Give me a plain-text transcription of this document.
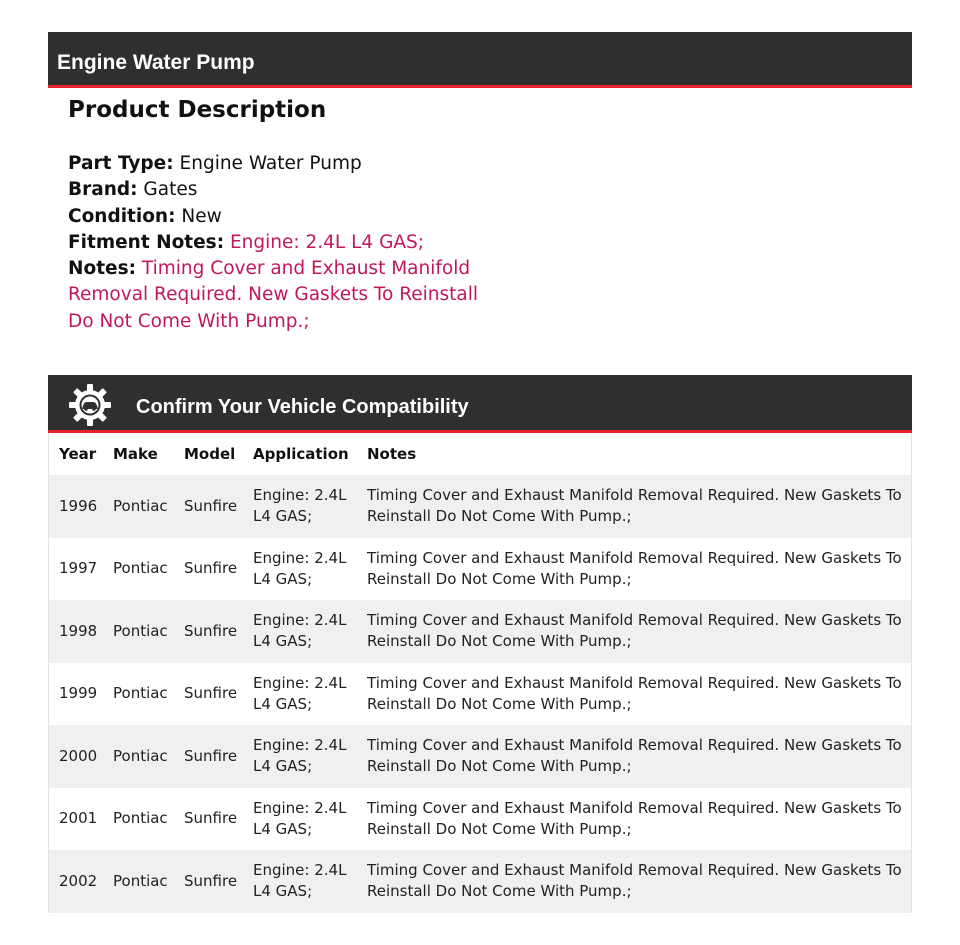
Engine Water Pump
Product Description
Part Type: Engine Water Pump
Brand: Gates
Condition: New
Fitment Notes: Engine: 2.4L L4 GAS;
Notes: Timing Cover and Exhaust Manifold Removal Required. New Gaskets To Reinstall Do Not Come With Pump.;
Confirm Your Vehicle Compatibility
Year	Make	Model	Application	Notes
1996	Pontiac	Sunfire	Engine: 2.4L L4 GAS;	Timing Cover and Exhaust Manifold Removal Required. New Gaskets To Reinstall Do Not Come With Pump.;
1997	Pontiac	Sunfire	Engine: 2.4L L4 GAS;	Timing Cover and Exhaust Manifold Removal Required. New Gaskets To Reinstall Do Not Come With Pump.;
1998	Pontiac	Sunfire	Engine: 2.4L L4 GAS;	Timing Cover and Exhaust Manifold Removal Required. New Gaskets To Reinstall Do Not Come With Pump.;
1999	Pontiac	Sunfire	Engine: 2.4L L4 GAS;	Timing Cover and Exhaust Manifold Removal Required. New Gaskets To Reinstall Do Not Come With Pump.;
2000	Pontiac	Sunfire	Engine: 2.4L L4 GAS;	Timing Cover and Exhaust Manifold Removal Required. New Gaskets To Reinstall Do Not Come With Pump.;
2001	Pontiac	Sunfire	Engine: 2.4L L4 GAS;	Timing Cover and Exhaust Manifold Removal Required. New Gaskets To Reinstall Do Not Come With Pump.;
2002	Pontiac	Sunfire	Engine: 2.4L L4 GAS;	Timing Cover and Exhaust Manifold Removal Required. New Gaskets To Reinstall Do Not Come With Pump.;
